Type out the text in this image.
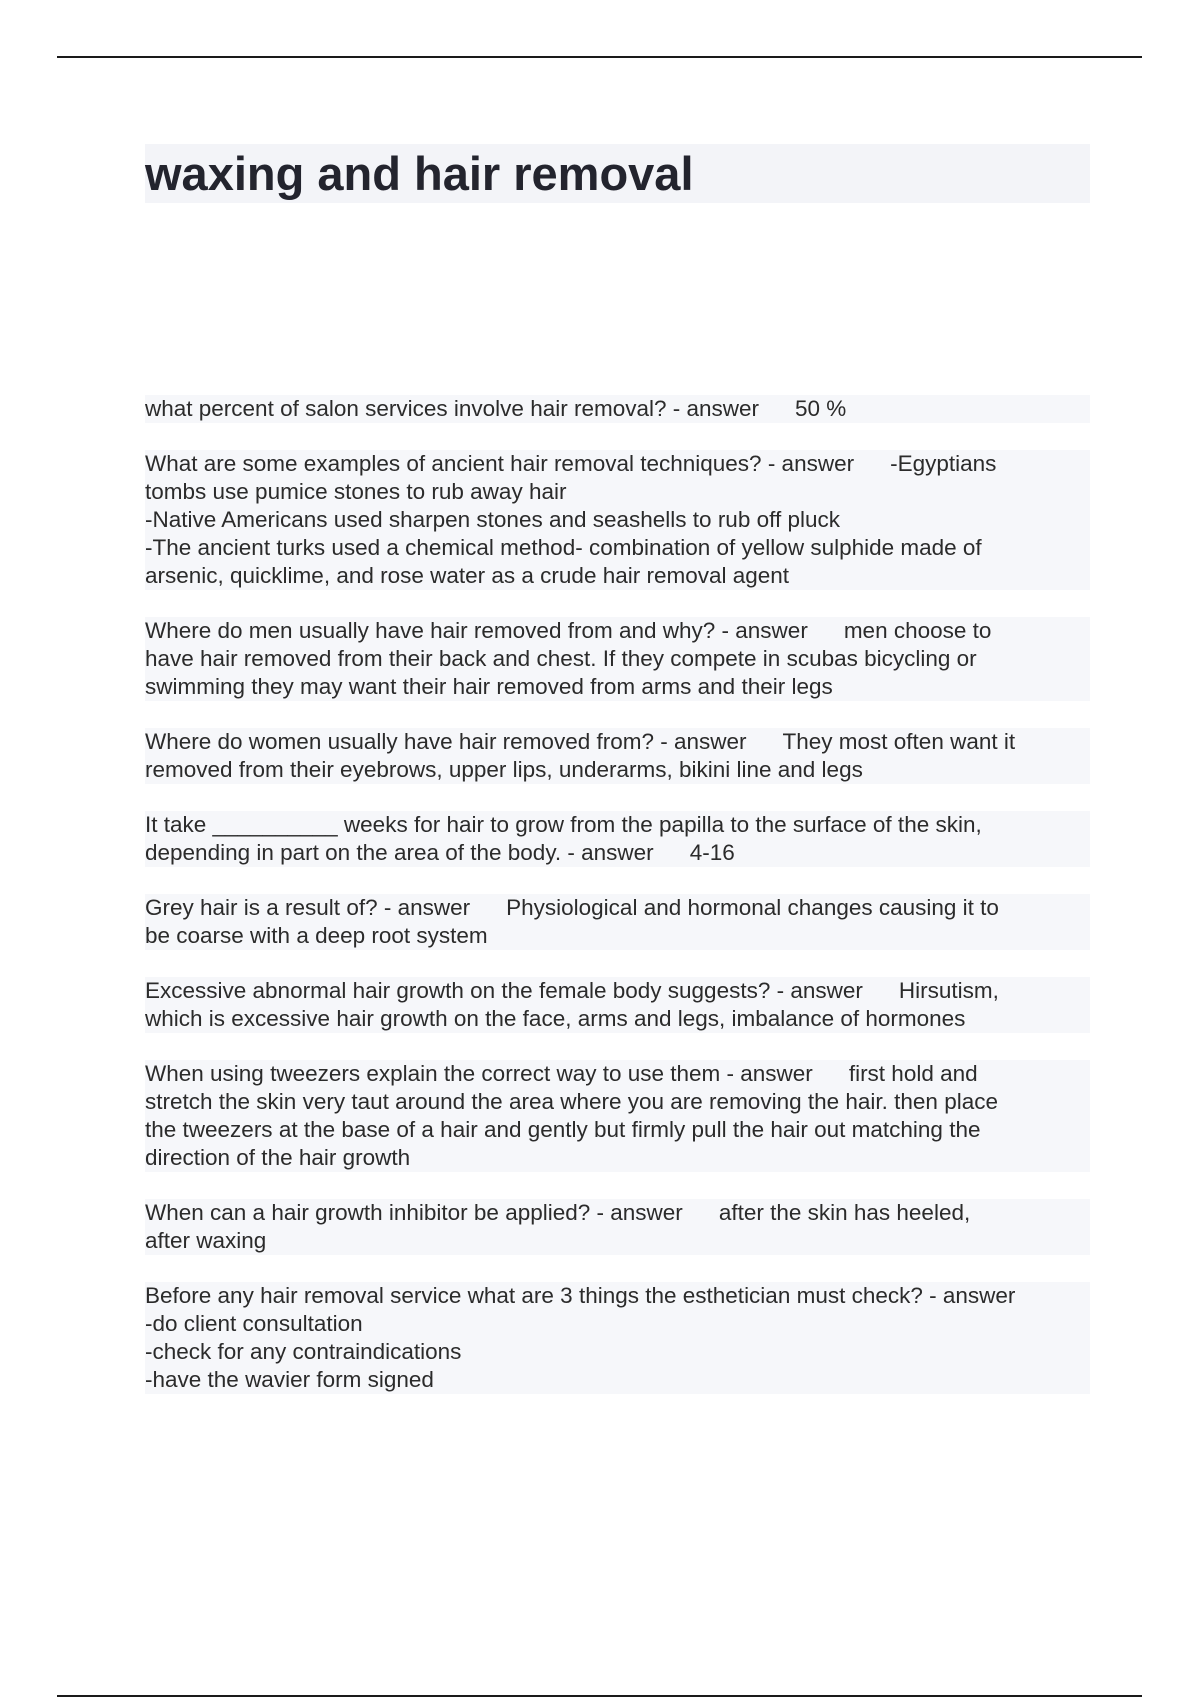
waxing and hair removal

what percent of salon services involve hair removal? - answer 50 %

What are some examples of ancient hair removal techniques? - answer -Egyptians
tombs use pumice stones to rub away hair
-Native Americans used sharpen stones and seashells to rub off pluck
-The ancient turks used a chemical method- combination of yellow sulphide made of
arsenic, quicklime, and rose water as a crude hair removal agent

Where do men usually have hair removed from and why? - answer men choose to
have hair removed from their back and chest. If they compete in scubas bicycling or
swimming they may want their hair removed from arms and their legs

Where do women usually have hair removed from? - answer They most often want it
removed from their eyebrows, upper lips, underarms, bikini line and legs

It take __________ weeks for hair to grow from the papilla to the surface of the skin,
depending in part on the area of the body. - answer 4-16

Grey hair is a result of? - answer Physiological and hormonal changes causing it to
be coarse with a deep root system

Excessive abnormal hair growth on the female body suggests? - answer Hirsutism,
which is excessive hair growth on the face, arms and legs, imbalance of hormones

When using tweezers explain the correct way to use them - answer first hold and
stretch the skin very taut around the area where you are removing the hair. then place
the tweezers at the base of a hair and gently but firmly pull the hair out matching the
direction of the hair growth

When can a hair growth inhibitor be applied? - answer after the skin has heeled,
after waxing

Before any hair removal service what are 3 things the esthetician must check? - answer
-do client consultation
-check for any contraindications
-have the wavier form signed
